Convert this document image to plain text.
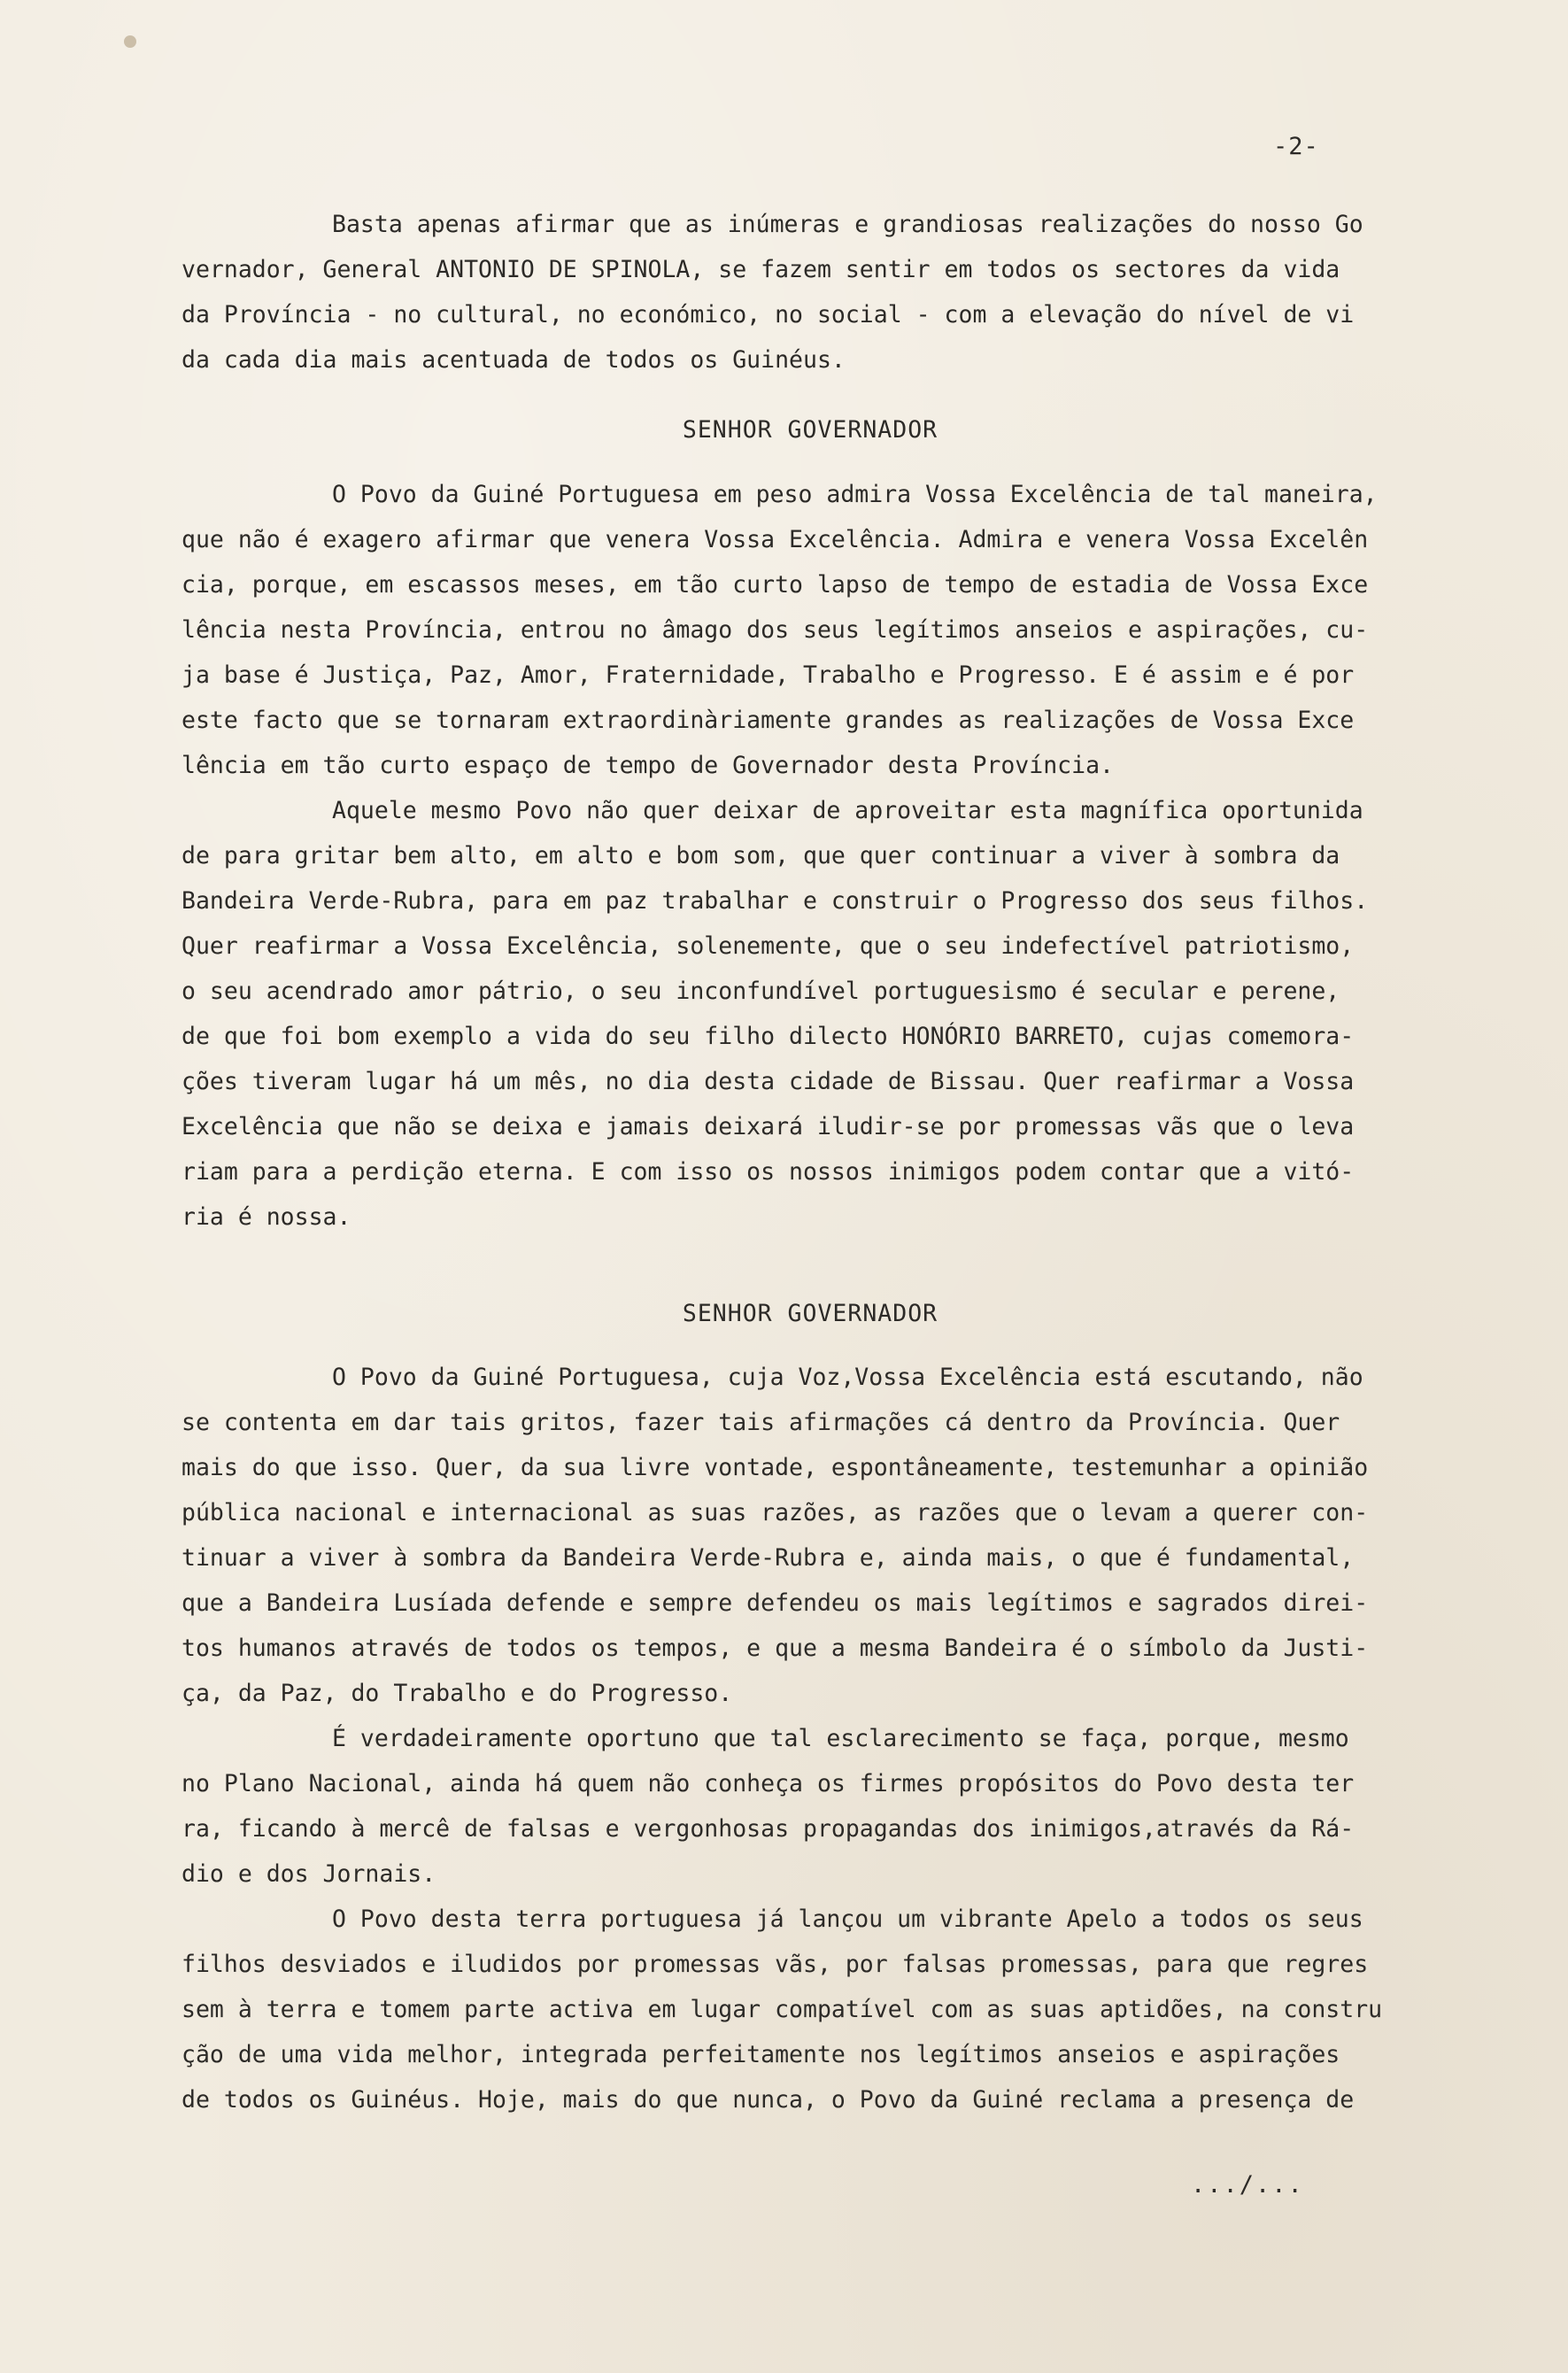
-2-
Basta apenas afirmar que as inúmeras e grandiosas realizações do nosso Go
vernador, General ANTONIO DE SPINOLA, se fazem sentir em todos os sectores da vida
da Província - no cultural, no económico, no social - com a elevação do nível de vi
da cada dia mais acentuada de todos os Guinéus.
SENHOR GOVERNADOR
O Povo da Guiné Portuguesa em peso admira Vossa Excelência de tal maneira,
que não é exagero afirmar que venera Vossa Excelência. Admira e venera Vossa Excelên
cia, porque, em escassos meses, em tão curto lapso de tempo de estadia de Vossa Exce
lência nesta Província, entrou no âmago dos seus legítimos anseios e aspirações, cu-
ja base é Justiça, Paz, Amor, Fraternidade, Trabalho e Progresso. E é assim e é por
este facto que se tornaram extraordinàriamente grandes as realizações de Vossa Exce
lência em tão curto espaço de tempo de Governador desta Província.
Aquele mesmo Povo não quer deixar de aproveitar esta magnífica oportunida
de para gritar bem alto, em alto e bom som, que quer continuar a viver à sombra da
Bandeira Verde-Rubra, para em paz trabalhar e construir o Progresso dos seus filhos.
Quer reafirmar a Vossa Excelência, solenemente, que o seu indefectível patriotismo,
o seu acendrado amor pátrio, o seu inconfundível portuguesismo é secular e perene,
de que foi bom exemplo a vida do seu filho dilecto HONÓRIO BARRETO, cujas comemora-
ções tiveram lugar há um mês, no dia desta cidade de Bissau. Quer reafirmar a Vossa
Excelência que não se deixa e jamais deixará iludir-se por promessas vãs que o leva
riam para a perdição eterna. E com isso os nossos inimigos podem contar que a vitó-
ria é nossa.
SENHOR GOVERNADOR
O Povo da Guiné Portuguesa, cuja Voz,Vossa Excelência está escutando, não
se contenta em dar tais gritos, fazer tais afirmações cá dentro da Província. Quer
mais do que isso. Quer, da sua livre vontade, espontâneamente, testemunhar a opinião
pública nacional e internacional as suas razões, as razões que o levam a querer con-
tinuar a viver à sombra da Bandeira Verde-Rubra e, ainda mais, o que é fundamental,
que a Bandeira Lusíada defende e sempre defendeu os mais legítimos e sagrados direi-
tos humanos através de todos os tempos, e que a mesma Bandeira é o símbolo da Justi-
ça, da Paz, do Trabalho e do Progresso.
É verdadeiramente oportuno que tal esclarecimento se faça, porque, mesmo
no Plano Nacional, ainda há quem não conheça os firmes propósitos do Povo desta ter
ra, ficando à mercê de falsas e vergonhosas propagandas dos inimigos,através da Rá-
dio e dos Jornais.
O Povo desta terra portuguesa já lançou um vibrante Apelo a todos os seus
filhos desviados e iludidos por promessas vãs, por falsas promessas, para que regres
sem à terra e tomem parte activa em lugar compatível com as suas aptidões, na constru
ção de uma vida melhor, integrada perfeitamente nos legítimos anseios e aspirações
de todos os Guinéus. Hoje, mais do que nunca, o Povo da Guiné reclama a presença de
.../...
